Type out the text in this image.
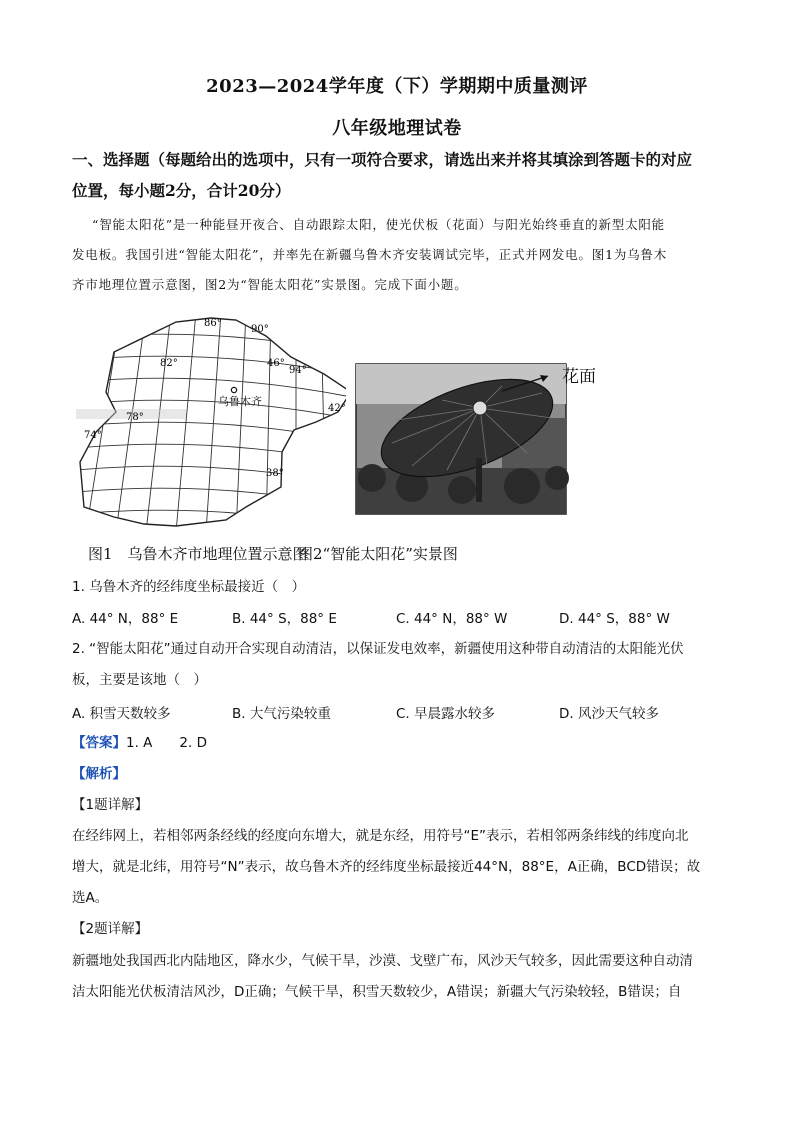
2023—2024学年度（下）学期期中质量测评
八年级地理试卷
一、选择题（每题给出的选项中，只有一项符合要求，请选出来并将其填涂到答题卡的对应
位置，每小题2分，合计20分）
“智能太阳花”是一种能昼开夜合、自动跟踪太阳，使光伏板（花面）与阳光始终垂直的新型太阳能
发电板。我国引进“智能太阳花”，并率先在新疆乌鲁木齐安装调试完毕，正式并网发电。图1为乌鲁木
齐市地理位置示意图，图2为“智能太阳花”实景图。完成下面小题。
乌鲁木齐
86°
90°
82°	46°
94°
42°
78°
74°
38°
花面
图1　乌鲁木齐市地理位置示意图
图2“智能太阳花”实景图
1. 乌鲁木齐的经纬度坐标最接近（　）
A. 44° N，88° E	B. 44° S，88° E	C. 44° N，88° W	D. 44° S，88° W
2. “智能太阳花”通过自动开合实现自动清洁，以保证发电效率，新疆使用这种带自动清洁的太阳能光伏
板，主要是该地（　）
A. 积雪天数较多	B. 大气污染较重	C. 早晨露水较多	D. 风沙天气较多
【答案】1. A　　2. D
【解析】
【1题详解】
在经纬网上，若相邻两条经线的经度向东增大，就是东经，用符号“E”表示，若相邻两条纬线的纬度向北
增大，就是北纬，用符号“N”表示，故乌鲁木齐的经纬度坐标最接近44°N，88°E，A正确，BCD错误；故
选A。
【2题详解】
新疆地处我国西北内陆地区，降水少，气候干旱，沙漠、戈壁广布，风沙天气较多，因此需要这种自动清
洁太阳能光伏板清洁风沙，D正确；气候干旱，积雪天数较少，A错误；新疆大气污染较轻，B错误；自
